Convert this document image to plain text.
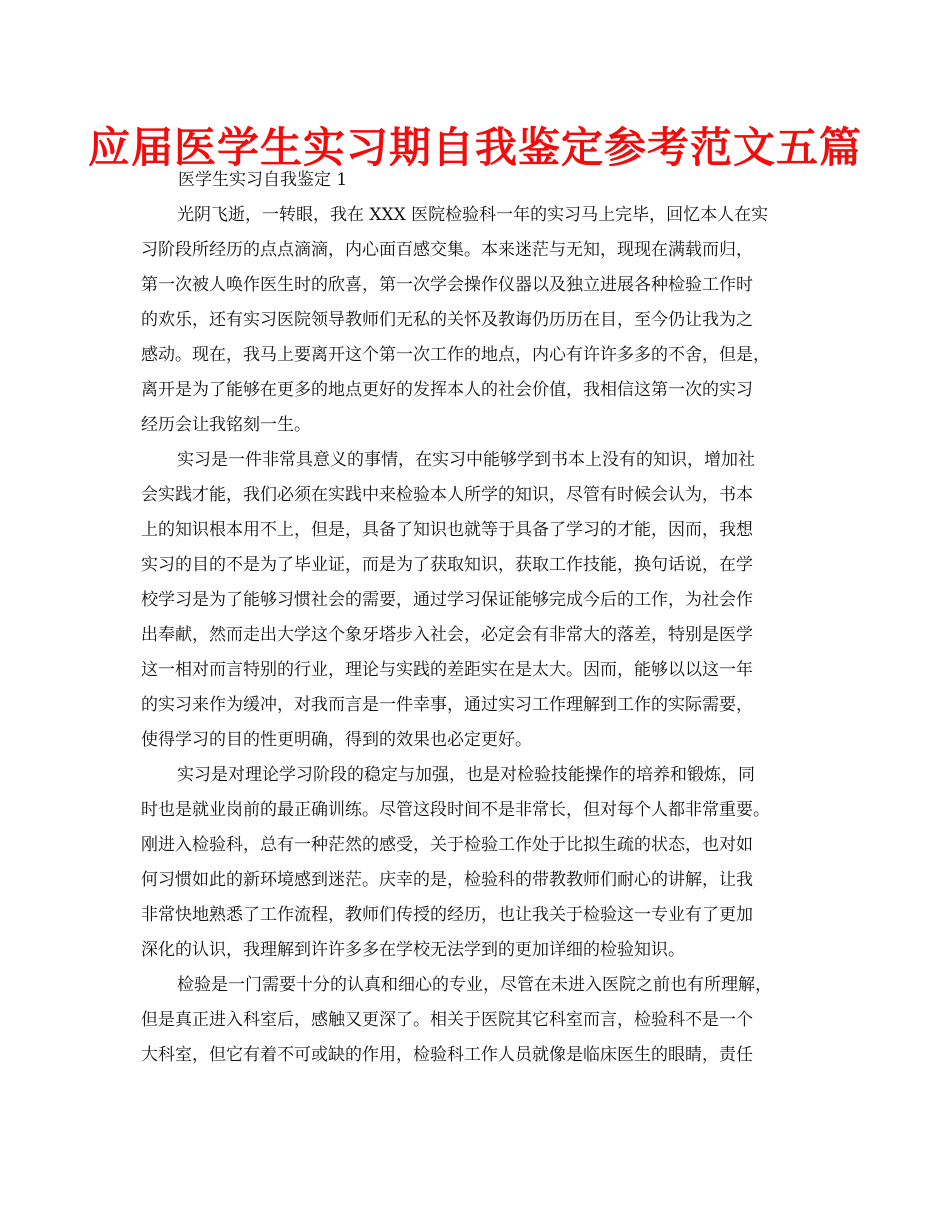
应届医学生实习期自我鉴定参考范文五篇
医学生实习自我鉴定 1
光阴飞逝，一转眼，我在 XXX 医院检验科一年的实习马上完毕，回忆本人在实
习阶段所经历的点点滴滴，内心面百感交集。本来迷茫与无知，现现在满载而归，
第一次被人唤作医生时的欣喜，第一次学会操作仪器以及独立进展各种检验工作时
的欢乐，还有实习医院领导教师们无私的关怀及教诲仍历历在目，至今仍让我为之
感动。现在，我马上要离开这个第一次工作的地点，内心有许许多多的不舍，但是，
离开是为了能够在更多的地点更好的发挥本人的社会价值，我相信这第一次的实习
经历会让我铭刻一生。
实习是一件非常具意义的事情，在实习中能够学到书本上没有的知识，增加社
会实践才能，我们必须在实践中来检验本人所学的知识，尽管有时候会认为，书本
上的知识根本用不上，但是，具备了知识也就等于具备了学习的才能，因而，我想
实习的目的不是为了毕业证，而是为了获取知识，获取工作技能，换句话说，在学
校学习是为了能够习惯社会的需要，通过学习保证能够完成今后的工作，为社会作
出奉献，然而走出大学这个象牙塔步入社会，必定会有非常大的落差，特别是医学
这一相对而言特别的行业，理论与实践的差距实在是太大。因而，能够以以这一年
的实习来作为缓冲，对我而言是一件幸事，通过实习工作理解到工作的实际需要，
使得学习的目的性更明确，得到的效果也必定更好。
实习是对理论学习阶段的稳定与加强，也是对检验技能操作的培养和锻炼，同
时也是就业岗前的最正确训练。尽管这段时间不是非常长，但对每个人都非常重要。
刚进入检验科，总有一种茫然的感受，关于检验工作处于比拟生疏的状态，也对如
何习惯如此的新环境感到迷茫。庆幸的是，检验科的带教教师们耐心的讲解，让我
非常快地熟悉了工作流程，教师们传授的经历，也让我关于检验这一专业有了更加
深化的认识，我理解到许许多多在学校无法学到的更加详细的检验知识。
检验是一门需要十分的认真和细心的专业，尽管在未进入医院之前也有所理解，
但是真正进入科室后，感触又更深了。相关于医院其它科室而言，检验科不是一个
大科室，但它有着不可或缺的作用，检验科工作人员就像是临床医生的眼睛，责任
